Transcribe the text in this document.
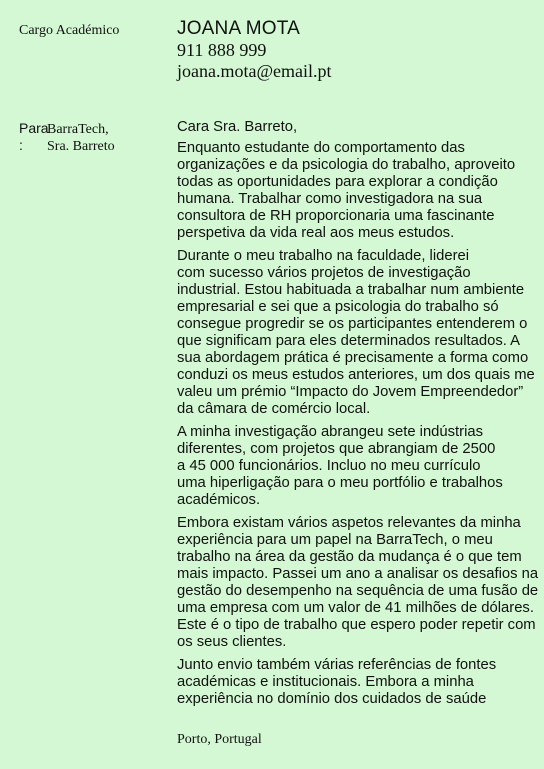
Cargo Académico	JOANA MOTA
911 888 999
joana.mota@email.pt
Para
:
BarraTech,
Sra. Barreto

Cara Sra. Barreto,

Enquanto estudante do comportamento das
organizações e da psicologia do trabalho, aproveito
todas as oportunidades para explorar a condição
humana. Trabalhar como investigadora na sua
consultora de RH proporcionaria uma fascinante
perspetiva da vida real aos meus estudos.

Durante o meu trabalho na faculdade, liderei
com sucesso vários projetos de investigação
industrial. Estou habituada a trabalhar num ambiente
empresarial e sei que a psicologia do trabalho só
consegue progredir se os participantes entenderem o
que significam para eles determinados resultados. A
sua abordagem prática é precisamente a forma como
conduzi os meus estudos anteriores, um dos quais me
valeu um prémio “Impacto do Jovem Empreendedor”
da câmara de comércio local.

A minha investigação abrangeu sete indústrias
diferentes, com projetos que abrangiam de 2500
a 45 000 funcionários. Incluo no meu currículo
uma hiperligação para o meu portfólio e trabalhos
académicos.

Embora existam vários aspetos relevantes da minha
experiência para um papel na BarraTech, o meu
trabalho na área da gestão da mudança é o que tem
mais impacto. Passei um ano a analisar os desafios na
gestão do desempenho na sequência de uma fusão de
uma empresa com um valor de 41 milhões de dólares.
Este é o tipo de trabalho que espero poder repetir com
os seus clientes.

Junto envio também várias referências de fontes
académicas e institucionais. Embora a minha
experiência no domínio dos cuidados de saúde

Porto, Portugal
